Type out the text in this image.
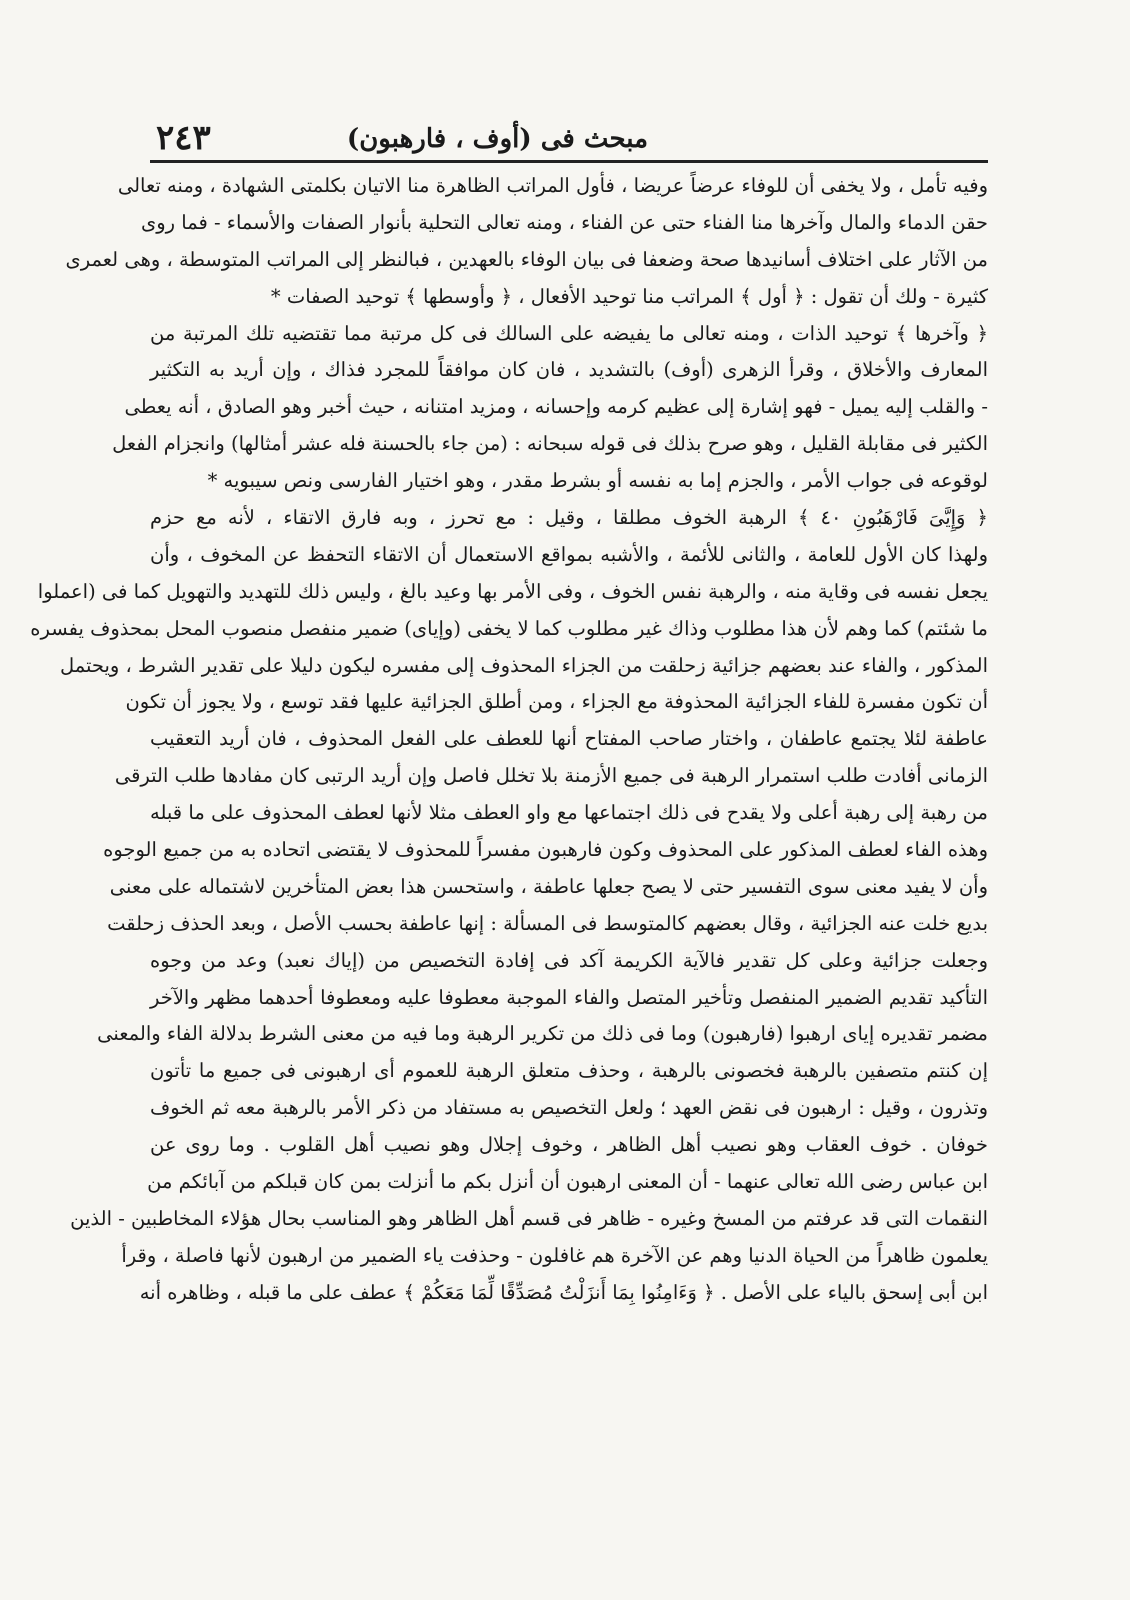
مبحث فى (أوف ، فارهبون)
٢٤٣
وفيه تأمل ، ولا يخفى أن للوفاء عرضاً عريضا ، فأول المراتب الظاهرة منا الاتيان بكلمتى الشهادة ، ومنه تعالى
حقن الدماء والمال وآخرها منا الفناء حتى عن الفناء ، ومنه تعالى التحلية بأنوار الصفات والأسماء - فما روى
من الآثار على اختلاف أسانيدها صحة وضعفا فى بيان الوفاء بالعهدين ، فبالنظر إلى المراتب المتوسطة ، وهى لعمرى
كثيرة - ولك أن تقول : ﴿ أول ﴾ المراتب منا توحيد الأفعال ، ﴿ وأوسطها ﴾ توحيد الصفات *
﴿ وآخرها ﴾ توحيد الذات ، ومنه تعالى ما يفيضه على السالك فى كل مرتبة مما تقتضيه تلك المرتبة من
المعارف والأخلاق ، وقرأ الزهرى (أوف) بالتشديد ، فان كان موافقاً للمجرد فذاك ، وإن أريد به التكثير
- والقلب إليه يميل - فهو إشارة إلى عظيم كرمه وإحسانه ، ومزيد امتنانه ، حيث أخبر وهو الصادق ، أنه يعطى
الكثير فى مقابلة القليل ، وهو صرح بذلك فى قوله سبحانه : (من جاء بالحسنة فله عشر أمثالها) وانجزام الفعل
لوقوعه فى جواب الأمر ، والجزم إما به نفسه أو بشرط مقدر ، وهو اختيار الفارسى ونص سيبويه *
﴿ وَإِيَّىَ فَارْهَبُونِ ٤٠ ﴾ الرهبة الخوف مطلقا ، وقيل : مع تحرز ، وبه فارق الاتقاء ، لأنه مع حزم
ولهذا كان الأول للعامة ، والثانى للأئمة ، والأشبه بمواقع الاستعمال أن الاتقاء التحفظ عن المخوف ، وأن
يجعل نفسه فى وقاية منه ، والرهبة نفس الخوف ، وفى الأمر بها وعيد بالغ ، وليس ذلك للتهديد والتهويل كما فى (اعملوا
ما شئتم) كما وهم لأن هذا مطلوب وذاك غير مطلوب كما لا يخفى (وإياى) ضمير منفصل منصوب المحل بمحذوف يفسره
المذكور ، والفاء عند بعضهم جزائية زحلقت من الجزاء المحذوف إلى مفسره ليكون دليلا على تقدير الشرط ، ويحتمل
أن تكون مفسرة للفاء الجزائية المحذوفة مع الجزاء ، ومن أطلق الجزائية عليها فقد توسع ، ولا يجوز أن تكون
عاطفة لئلا يجتمع عاطفان ، واختار صاحب المفتاح أنها للعطف على الفعل المحذوف ، فان أريد التعقيب
الزمانى أفادت طلب استمرار الرهبة فى جميع الأزمنة بلا تخلل فاصل وإن أريد الرتبى كان مفادها طلب الترقى
من رهبة إلى رهبة أعلى ولا يقدح فى ذلك اجتماعها مع واو العطف مثلا لأنها لعطف المحذوف على ما قبله
وهذه الفاء لعطف المذكور على المحذوف وكون فارهبون مفسراً للمحذوف لا يقتضى اتحاده به من جميع الوجوه
وأن لا يفيد معنى سوى التفسير حتى لا يصح جعلها عاطفة ، واستحسن هذا بعض المتأخرين لاشتماله على معنى
بديع خلت عنه الجزائية ، وقال بعضهم كالمتوسط فى المسألة : إنها عاطفة بحسب الأصل ، وبعد الحذف زحلقت
وجعلت جزائية وعلى كل تقدير فالآية الكريمة آكد فى إفادة التخصيص من (إياك نعبد) وعد من وجوه
التأكيد تقديم الضمير المنفصل وتأخير المتصل والفاء الموجبة معطوفا عليه ومعطوفا أحدهما مظهر والآخر
مضمر تقديره إياى ارهبوا (فارهبون) وما فى ذلك من تكرير الرهبة وما فيه من معنى الشرط بدلالة الفاء والمعنى
إن كنتم متصفين بالرهبة فخصونى بالرهبة ، وحذف متعلق الرهبة للعموم أى ارهبونى فى جميع ما تأتون
وتذرون ، وقيل : ارهبون فى نقض العهد ؛ ولعل التخصيص به مستفاد من ذكر الأمر بالرهبة معه ثم الخوف
خوفان . خوف العقاب وهو نصيب أهل الظاهر ، وخوف إجلال وهو نصيب أهل القلوب . وما روى عن
ابن عباس رضى الله تعالى عنهما - أن المعنى ارهبون أن أنزل بكم ما أنزلت بمن كان قبلكم من آبائكم من
النقمات التى قد عرفتم من المسخ وغيره - ظاهر فى قسم أهل الظاهر وهو المناسب بحال هؤلاء المخاطبين - الذين
يعلمون ظاهراً من الحياة الدنيا وهم عن الآخرة هم غافلون - وحذفت ياء الضمير من ارهبون لأنها فاصلة ، وقرأ
ابن أبى إسحق بالياء على الأصل . ﴿ وَءَامِنُوا بِمَا أَنزَلْتُ مُصَدِّقًا لِّمَا مَعَكُمْ ﴾ عطف على ما قبله ، وظاهره أنه
